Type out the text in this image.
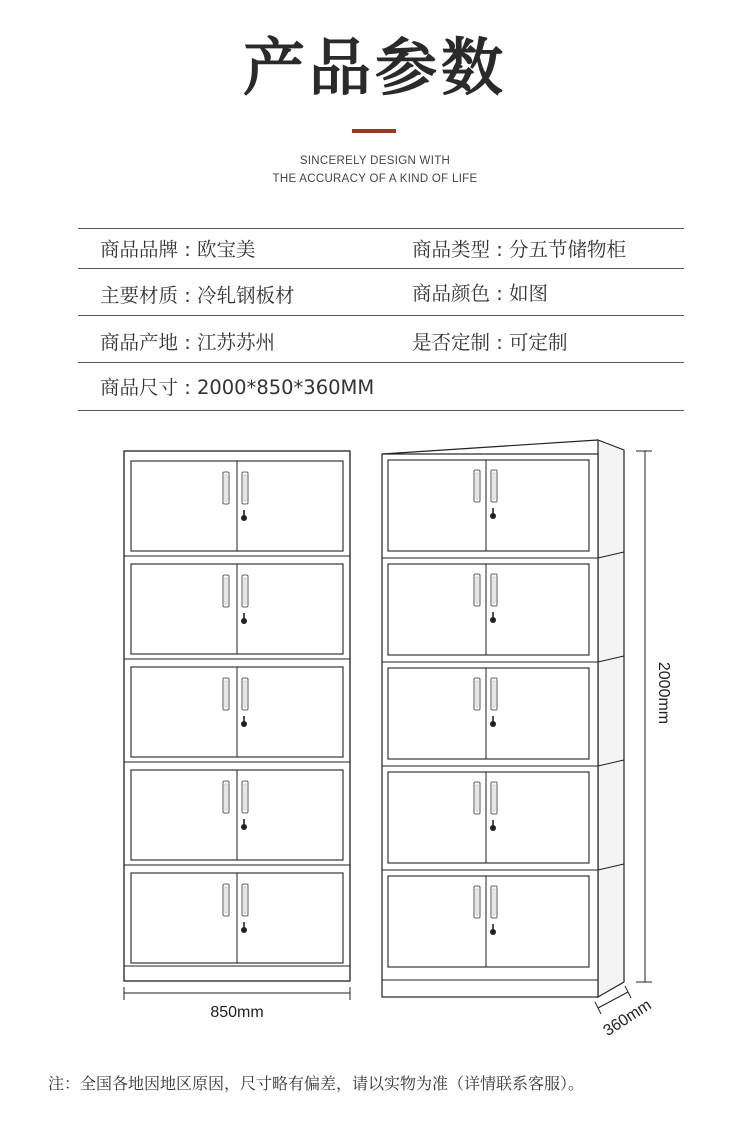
产品参数
SINCERELY DESIGN WITH
THE ACCURACY OF A KIND OF LIFE
商品品牌 : 欧宝美	商品类型 : 分五节储物柜
主要材质 : 冷轧钢板材	商品颜色 : 如图
商品产地 : 江苏苏州	是否定制 : 可定制
商品尺寸 : 2000*850*360MM
850mm
2000mm
360mm
注：全国各地因地区原因，尺寸略有偏差，请以实物为准（详情联系客服）。
